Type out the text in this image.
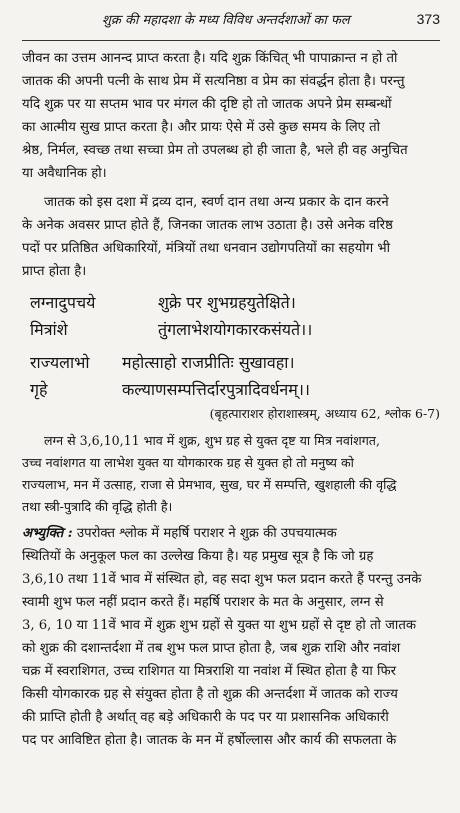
शुक्र की महादशा के मध्य विविध अन्तर्दशाओं का फल	373
जीवन का उत्तम आनन्द प्राप्त करता है। यदि शुक्र किंचित् भी पापाक्रान्त न हो तो
जातक की अपनी पत्नी के साथ प्रेम में सत्यनिष्ठा व प्रेम का संवर्द्धन होता है। परन्तु
यदि शुक्र पर या सप्तम भाव पर मंगल की दृष्टि हो तो जातक अपने प्रेम सम्बन्धों
का आत्मीय सुख प्राप्त करता है। और प्रायः ऐसे में उसे कुछ समय के लिए तो
श्रेष्ठ, निर्मल, स्वच्छ तथा सच्चा प्रेम तो उपलब्ध हो ही जाता है, भले ही वह अनुचित
या अवैधानिक हो।
जातक को इस दशा में द्रव्य दान, स्वर्ण दान तथा अन्य प्रकार के दान करने
के अनेक अवसर प्राप्त होते हैं, जिनका जातक लाभ उठाता है। उसे अनेक वरिष्ठ
पदों पर प्रतिष्ठित अधिकारियों, मंत्रियों तथा धनवान उद्योगपतियों का सहयोग भी
प्राप्त होता है।
लग्नादुपचये	शुक्रे पर शुभग्रहयुतेक्षिते।
मित्रांशे	तुंगलाभेशयोगकारकसंयते।।
राज्यलाभो	महोत्साहो राजप्रीतिः सुखावहा।
गृहे	कल्याणसम्पत्तिर्दारपुत्रादिवर्धनम्।।
(बृहत्पाराशर होराशास्त्रम्, अध्याय 62, श्लोक 6-7)
लग्न से 3,6,10,11 भाव में शुक्र, शुभ ग्रह से युक्त दृष्ट या मित्र नवांशगत,
उच्च नवांशगत या लाभेश युक्त या योगकारक ग्रह से युक्त हो तो मनुष्य को
राज्यलाभ, मन में उत्साह, राजा से प्रेमभाव, सुख, घर में सम्पत्ति, खुशहाली की वृद्धि
तथा स्त्री-पुत्रादि की वृद्धि होती है।
अभ्युक्ति : उपरोक्त श्लोक में महर्षि पराशर ने शुक्र की उपचयात्मक
स्थितियों के अनुकूल फल का उल्लेख किया है। यह प्रमुख सूत्र है कि जो ग्रह
3,6,10 तथा 11वें भाव में संस्थित हो, वह सदा शुभ फल प्रदान करते हैं परन्तु उनके
स्वामी शुभ फल नहीं प्रदान करते हैं। महर्षि पराशर के मत के अनुसार, लग्न से
3, 6, 10 या 11वें भाव में शुक्र शुभ ग्रहों से युक्त या शुभ ग्रहों से दृष्ट हो तो जातक
को शुक्र की दशान्तर्दशा में तब शुभ फल प्राप्त होता है, जब शुक्र राशि और नवांश
चक्र में स्वराशिगत, उच्च राशिगत या मित्रराशि या नवांश में स्थित होता है या फिर
किसी योगकारक ग्रह से संयुक्त होता है तो शुक्र की अन्तर्दशा में जातक को राज्य
की प्राप्ति होती है अर्थात् वह बड़े अधिकारी के पद पर या प्रशासनिक अधिकारी
पद पर आविष्टित होता है। जातक के मन में हर्षोल्लास और कार्य की सफलता के
